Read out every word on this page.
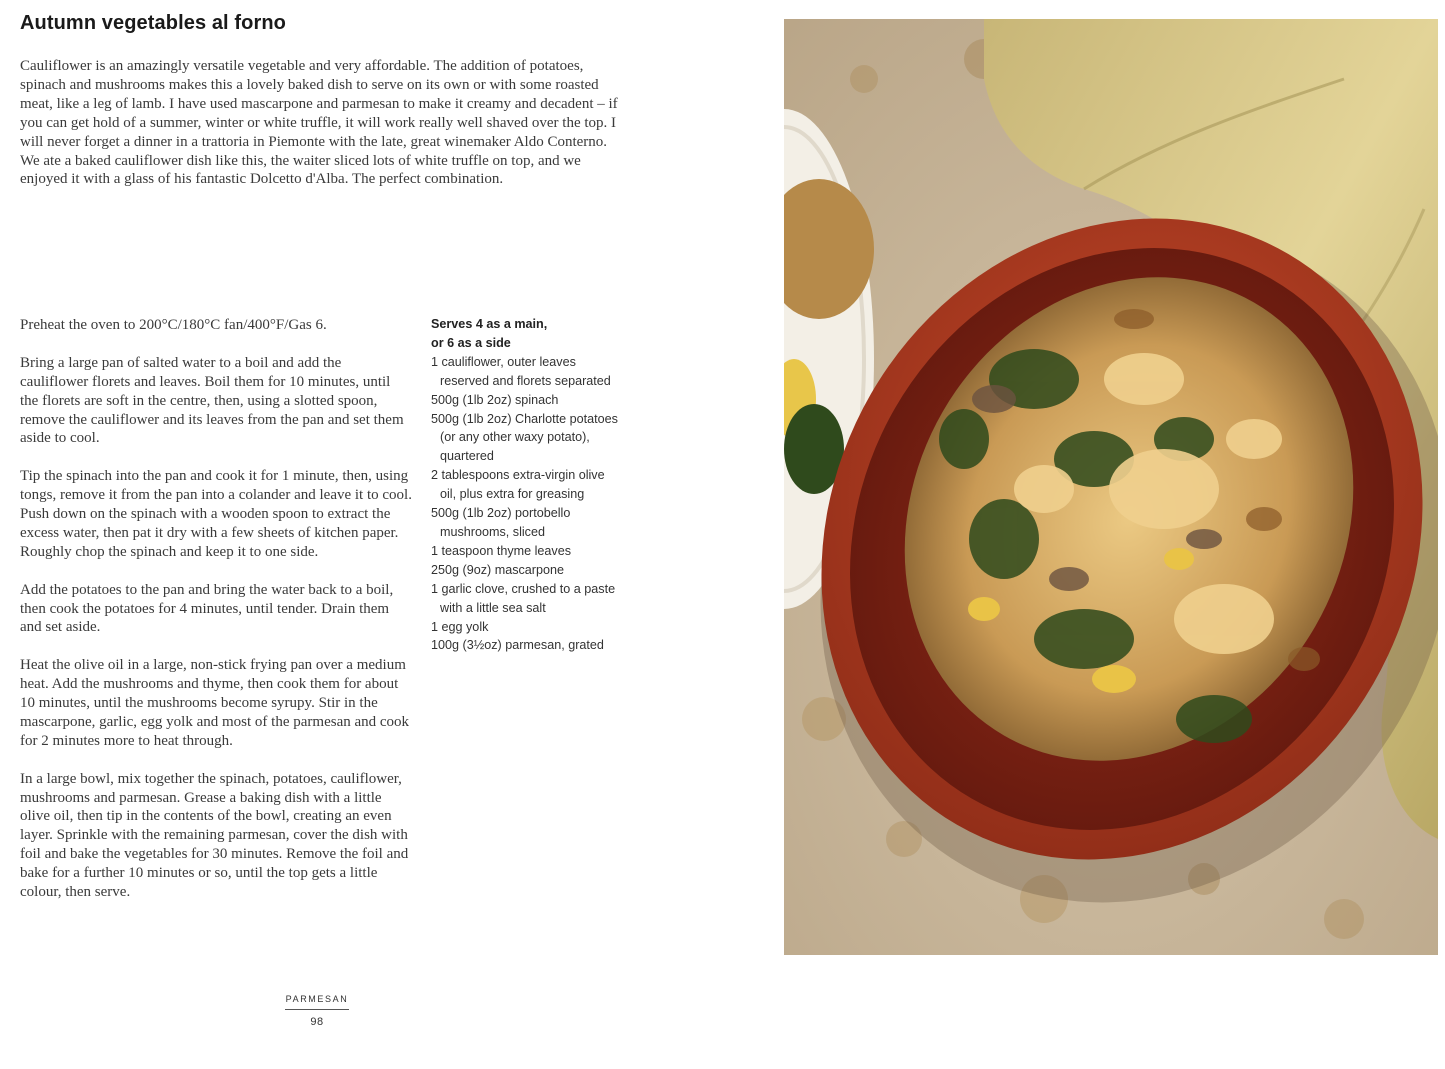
Autumn vegetables al forno

Cauliflower is an amazingly versatile vegetable and very affordable. The addition of potatoes, spinach and mushrooms makes this a lovely baked dish to serve on its own or with some roasted meat, like a leg of lamb. I have used mascarpone and parmesan to make it creamy and decadent – if you can get hold of a summer, winter or white truffle, it will work really well shaved over the top. I will never forget a dinner in a trattoria in Piemonte with the late, great winemaker Aldo Conterno. We ate a baked cauliflower dish like this, the waiter sliced lots of white truffle on top, and we enjoyed it with a glass of his fantastic Dolcetto d'Alba. The perfect combination.

Preheat the oven to 200°C/180°C fan/400°F/Gas 6.

Bring a large pan of salted water to a boil and add the cauliflower florets and leaves. Boil them for 10 minutes, until the florets are soft in the centre, then, using a slotted spoon, remove the cauliflower and its leaves from the pan and set them aside to cool.

Tip the spinach into the pan and cook it for 1 minute, then, using tongs, remove it from the pan into a colander and leave it to cool. Push down on the spinach with a wooden spoon to extract the excess water, then pat it dry with a few sheets of kitchen paper. Roughly chop the spinach and keep it to one side.

Add the potatoes to the pan and bring the water back to a boil, then cook the potatoes for 4 minutes, until tender. Drain them and set aside.

Heat the olive oil in a large, non-stick frying pan over a medium heat. Add the mushrooms and thyme, then cook them for about 10 minutes, until the mushrooms become syrupy. Stir in the mascarpone, garlic, egg yolk and most of the parmesan and cook for 2 minutes more to heat through.

In a large bowl, mix together the spinach, potatoes, cauliflower, mushrooms and parmesan. Grease a baking dish with a little olive oil, then tip in the contents of the bowl, creating an even layer. Sprinkle with the remaining parmesan, cover the dish with foil and bake the vegetables for 30 minutes. Remove the foil and bake for a further 10 minutes or so, until the top gets a little colour, then serve.

Serves 4 as a main,
or 6 as a side
1 cauliflower, outer leaves reserved and florets separated
500g (1lb 2oz) spinach
500g (1lb 2oz) Charlotte potatoes (or any other waxy potato), quartered
2 tablespoons extra-virgin olive oil, plus extra for greasing
500g (1lb 2oz) portobello mushrooms, sliced
1 teaspoon thyme leaves
250g (9oz) mascarpone
1 garlic clove, crushed to a paste with a little sea salt
1 egg yolk
100g (3½oz) parmesan, grated
PARMESAN
98
